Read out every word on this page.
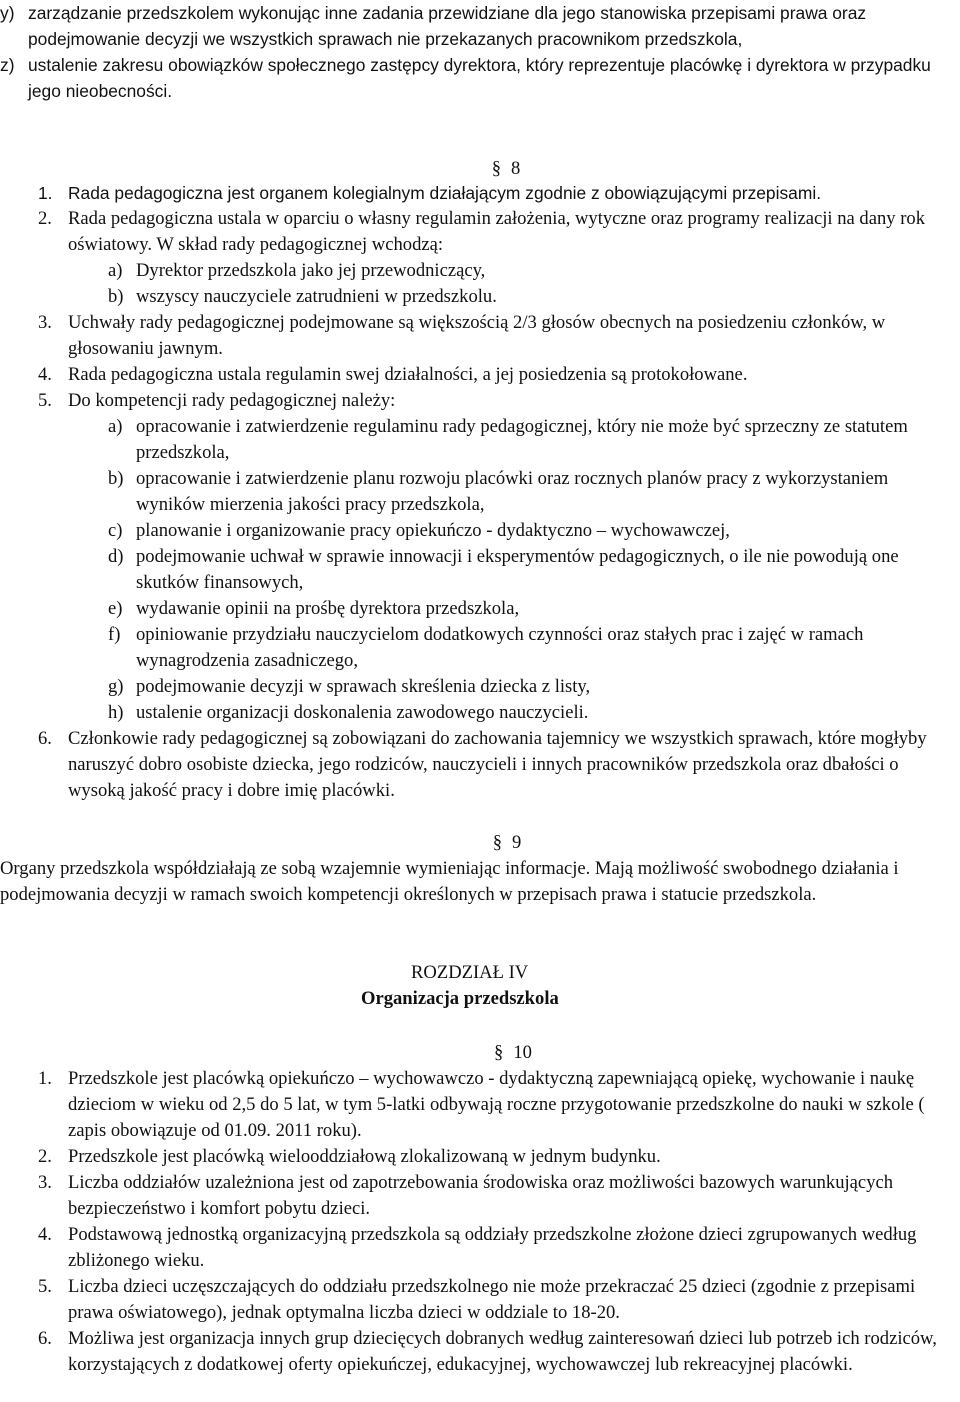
y) zarządzanie przedszkolem wykonując inne zadania przewidziane dla jego stanowiska przepisami prawa oraz podejmowanie decyzji we wszystkich sprawach nie przekazanych pracownikom przedszkola,
z) ustalenie zakresu obowiązków społecznego zastępcy dyrektora, który reprezentuje placówkę i dyrektora w przypadku jego nieobecności.
§ 8
1. Rada pedagogiczna jest organem kolegialnym działającym zgodnie z obowiązującymi przepisami.
2. Rada pedagogiczna ustala w oparciu o własny regulamin założenia, wytyczne oraz programy realizacji na dany rok oświatowy. W skład rady pedagogicznej wchodzą:
a) Dyrektor przedszkola jako jej przewodniczący,
b) wszyscy nauczyciele zatrudnieni w przedszkolu.
3. Uchwały rady pedagogicznej podejmowane są większością 2/3 głosów obecnych na posiedzeniu członków, w głosowaniu jawnym.
4. Rada pedagogiczna ustala regulamin swej działalności, a jej posiedzenia są protokołowane.
5. Do kompetencji rady pedagogicznej należy:
a) opracowanie i zatwierdzenie regulaminu rady pedagogicznej, który nie może być sprzeczny ze statutem przedszkola,
b) opracowanie i zatwierdzenie planu rozwoju placówki oraz rocznych planów pracy z wykorzystaniem wyników mierzenia jakości pracy przedszkola,
c) planowanie i organizowanie pracy opiekuńczo - dydaktyczno – wychowawczej,
d) podejmowanie uchwał w sprawie innowacji i eksperymentów pedagogicznych, o ile nie powodują one skutków finansowych,
e) wydawanie opinii na prośbę dyrektora przedszkola,
f) opiniowanie przydziału nauczycielom dodatkowych czynności oraz stałych prac i zajęć w ramach wynagrodzenia zasadniczego,
g) podejmowanie decyzji w sprawach skreślenia dziecka z listy,
h) ustalenie organizacji doskonalenia zawodowego nauczycieli.
6. Członkowie rady pedagogicznej są zobowiązani do zachowania tajemnicy we wszystkich sprawach, które mogłyby naruszyć dobro osobiste dziecka, jego rodziców, nauczycieli i innych pracowników przedszkola oraz dbałości o wysoką jakość pracy i dobre imię placówki.
§ 9
Organy przedszkola współdziałają ze sobą wzajemnie wymieniając informacje. Mają możliwość swobodnego działania i podejmowania decyzji w ramach swoich kompetencji określonych w przepisach prawa i statucie przedszkola.
ROZDZIAŁ IV
Organizacja przedszkola
§ 10
1. Przedszkole jest placówką opiekuńczo – wychowawczo - dydaktyczną zapewniającą opiekę, wychowanie i naukę dzieciom w wieku od 2,5 do 5 lat, w tym 5-latki odbywają roczne przygotowanie przedszkolne do nauki w szkole ( zapis obowiązuje od 01.09. 2011 roku).
2. Przedszkole jest placówką wielooddziałową zlokalizowaną w jednym budynku.
3. Liczba oddziałów uzależniona jest od zapotrzebowania środowiska oraz możliwości bazowych warunkujących bezpieczeństwo i komfort pobytu dzieci.
4. Podstawową jednostką organizacyjną przedszkola są oddziały przedszkolne złożone dzieci zgrupowanych według zbliżonego wieku.
5. Liczba dzieci uczęszczających do oddziału przedszkolnego nie może przekraczać 25 dzieci (zgodnie z przepisami prawa oświatowego), jednak optymalna liczba dzieci w oddziale to 18-20.
6. Możliwa jest organizacja innych grup dziecięcych dobranych według zainteresowań dzieci lub potrzeb ich rodziców, korzystających z dodatkowej oferty opiekuńczej, edukacyjnej, wychowawczej lub rekreacyjnej placówki.
